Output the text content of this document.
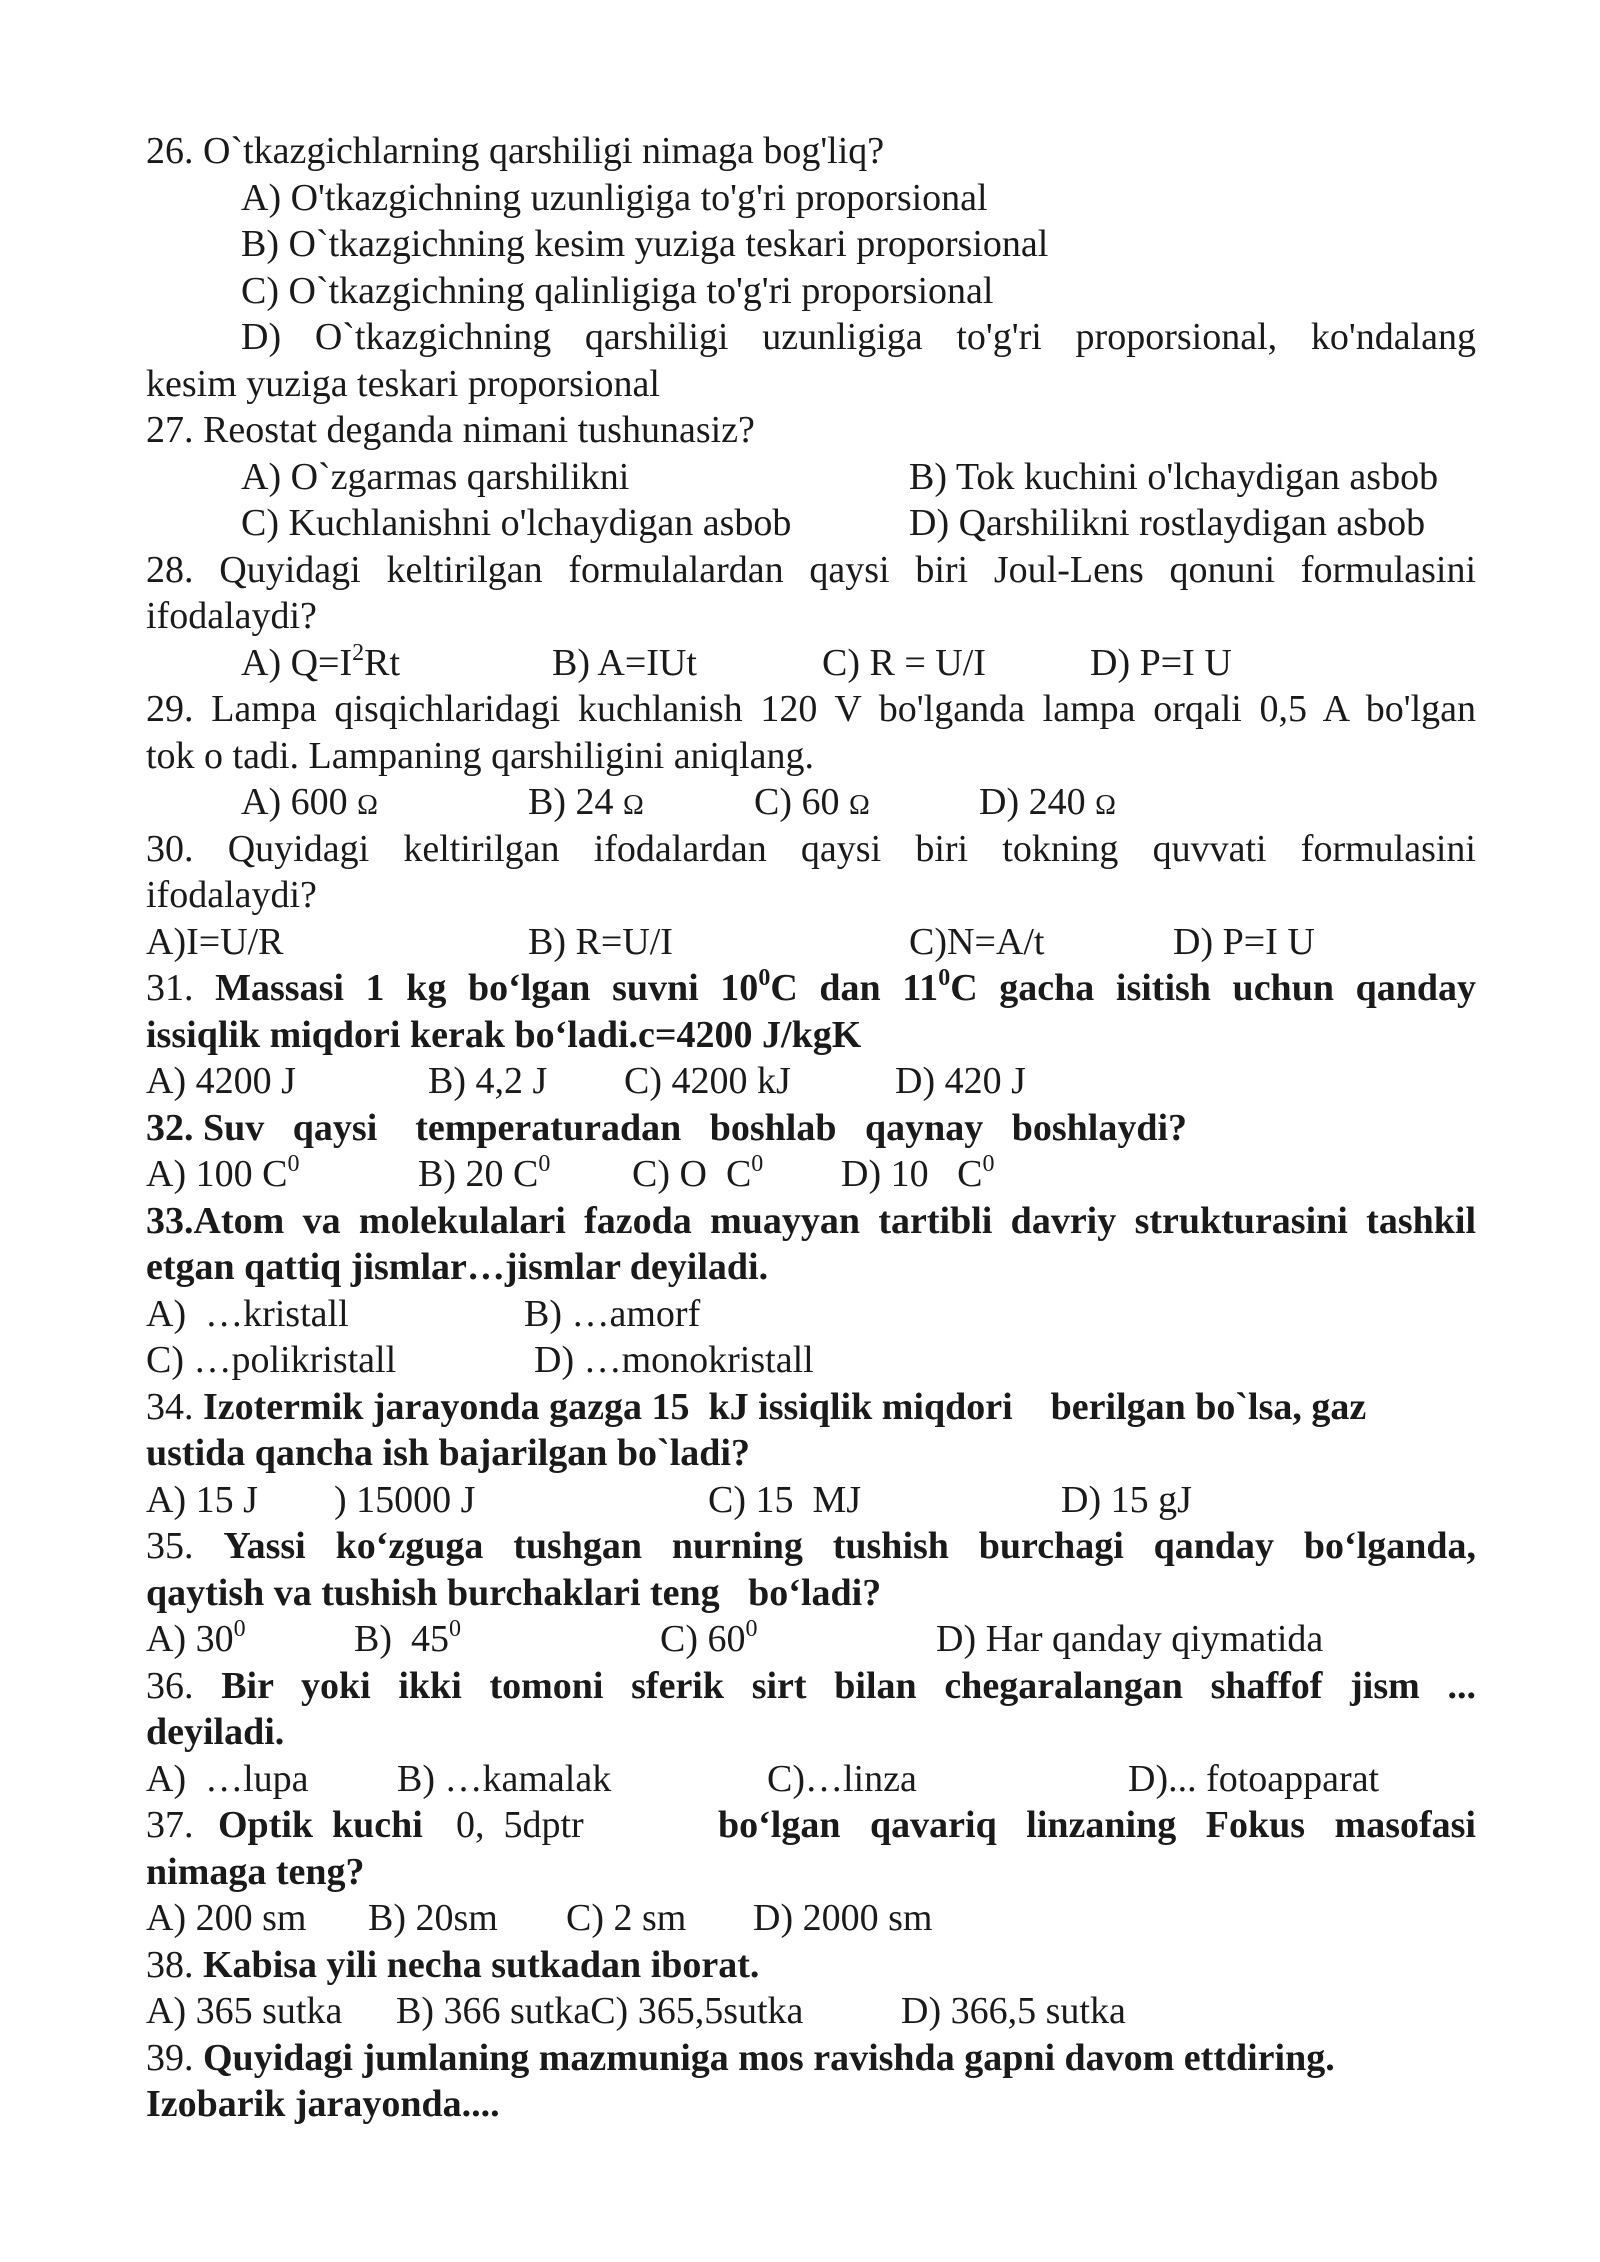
26. O`tkazgichlarning qarshiligi nimaga bog'liq?
A) O'tkazgichning uzunligiga to'g'ri proporsional
B) O`tkazgichning kesim yuziga teskari proporsional
C) O`tkazgichning qalinligiga to'g'ri proporsional
D) O`tkazgichning qarshiligi uzunligiga to'g'ri proporsional, ko'ndalang
kesim yuziga teskari proporsional
27. Reostat deganda nimani tushunasiz?
A) O`zgarmas qarshilikni	B) Tok kuchini o'lchaydigan asbob
C) Kuchlanishni o'lchaydigan asbob	D) Qarshilikni rostlaydigan asbob
28. Quyidagi keltirilgan formulalardan qaysi biri Joul-Lens qonuni formulasini
ifodalaydi?
A) $Q=I^2Rt$	B) A=IUt	C) R = U/I	D) P=I U
29. Lampa qisqichlaridagi kuchlanish 120 V bo'lganda lampa orqali 0,5 A bo'lgan
tok o tadi. Lampaning qarshiligini aniqlang.
A) 600 Ω	B) 24 Ω	C) 60 Ω	D) 240 Ω
30. Quyidagi keltirilgan ifodalardan qaysi biri tokning quvvati formulasini
ifodalaydi?
A)I=U/R	B) R=U/I	C)N=A/t	D) P=I U
31. Massasi 1 kg bo‘lgan suvni $10^0C$ dan $11^0C$ gacha isitish uchun qanday
issiqlik miqdori kerak bo‘ladi.c=4200 J/kgK
A) 4200 J	B) 4,2 J C) 4200 kJ	D) 420 J
32. Suv   qaysi    temperaturadan   boshlab   qaynay   boshlaydi?
A) 100 $C^0$	B) 20 $C^0$ C) O  $C^0$ D) 10   $C^0$
33.Atom va molekulalari fazoda muayyan tartibli davriy strukturasini tashkil
etgan qattiq jismlar…jismlar deyiladi.
A)  …kristall	B) …amorf
C) …polikristall	D) …monokristall
34. Izotermik jarayonda gazga 15  kJ issiqlik miqdori    berilgan bo`lsa, gaz
ustida qancha ish bajarilgan bo`ladi?
A) 15 J ) 15000 J	C) 15  MJ	D) 15 gJ
35. Yassi ko‘zguga tushgan nurning tushish burchagi qanday bo‘lganda,
qaytish va tushish burchaklari teng   bo‘ladi?
A) $30^0$	B)  $45^0$	C) $60^0$	D) Har qanday qiymatida
36. Bir yoki ikki tomoni sferik sirt bilan chegaralangan shaffof jism ...
deyiladi.
A)  …lupa B) …kamalak	C)…linza	D)... fotoapparat
37. Optik  kuchi 0,  5dptr	bo‘lgan qavariq linzaning Fokus masofasi
nimaga teng?
A) 200 sm B) 20sm C) 2 sm D) 2000 sm
38. Kabisa yili necha sutkadan iborat.
A) 365 sutka B) 366 sutkaC) 365,5sutka	D) 366,5 sutka
39. Quyidagi jumlaning mazmuniga mos ravishda gapni davom ettdiring.
Izobarik jarayonda....
